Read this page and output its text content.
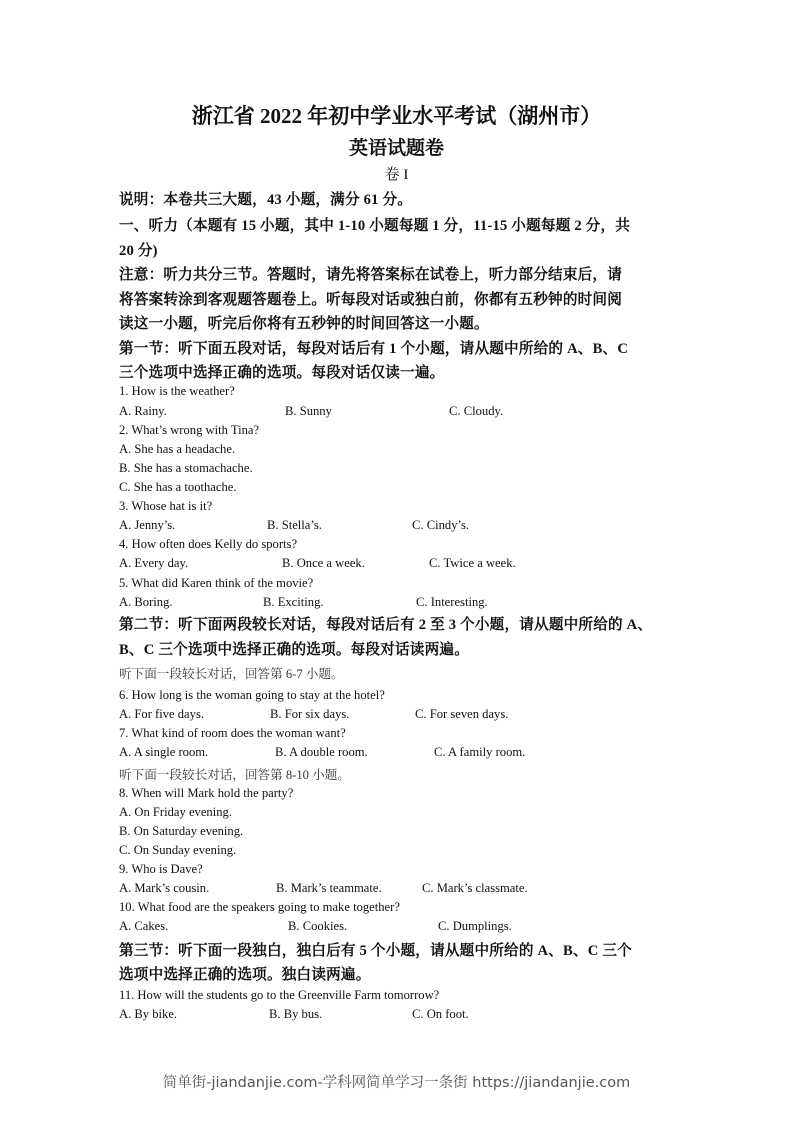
浙江省 2022 年初中学业水平考试（湖州市）
英语试题卷
卷 I
说明：本卷共三大题，43 小题，满分 61 分。
一、听力（本题有 15 小题，其中 1-10 小题每题 1 分，11-15 小题每题 2 分，共
20 分)
注意：听力共分三节。答题时，请先将答案标在试卷上，听力部分结束后，请
将答案转涂到客观题答题卷上。听每段对话或独白前，你都有五秒钟的时间阅
读这一小题，听完后你将有五秒钟的时间回答这一小题。
第一节：听下面五段对话，每段对话后有 1 个小题，请从题中所给的 A、B、C
三个选项中选择正确的选项。每段对话仅读一遍。
1. How is the weather?
A. Rainy.	B. Sunny	C. Cloudy.
2. What’s wrong with Tina?
A. She has a headache.
B. She has a stomachache.
C. She has a toothache.
3. Whose hat is it?
A. Jenny’s.	B. Stella’s.	C. Cindy’s.
4. How often does Kelly do sports?
A. Every day.	B. Once a week.	C. Twice a week.
5. What did Karen think of the movie?
A. Boring.	B. Exciting.	C. Interesting.
第二节：听下面两段较长对话，每段对话后有 2 至 3 个小题，请从题中所给的 A、
B、C 三个选项中选择正确的选项。每段对话读两遍。
听下面一段较长对话，回答第 6-7 小题。
6. How long is the woman going to stay at the hotel?
A. For five days.	B. For six days.	C. For seven days.
7. What kind of room does the woman want?
A. A single room.	B. A double room.	C. A family room.
听下面一段较长对话，回答第 8-10 小题。
8. When will Mark hold the party?
A. On Friday evening.
B. On Saturday evening.
C. On Sunday evening.
9. Who is Dave?
A. Mark’s cousin.	B. Mark’s teammate.	C. Mark’s classmate.
10. What food are the speakers going to make together?
A. Cakes.	B. Cookies.	C. Dumplings.
第三节：听下面一段独白，独白后有 5 个小题，请从题中所给的 A、B、C 三个
选项中选择正确的选项。独白读两遍。
11. How will the students go to the Greenville Farm tomorrow?
A. By bike.	B. By bus.	C. On foot.
简单街-jiandanjie.com-学科网简单学习一条街 https://jiandanjie.com
